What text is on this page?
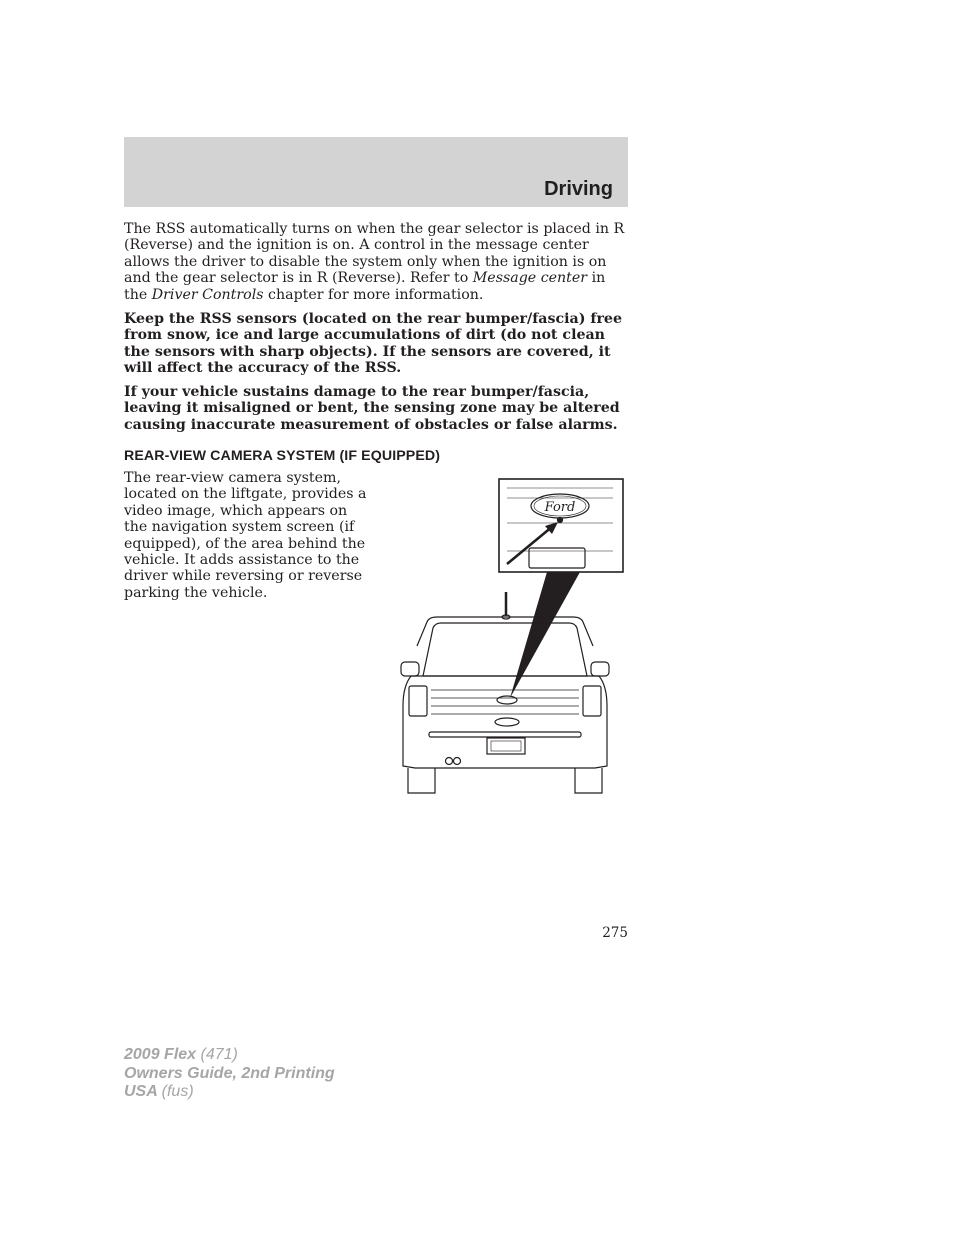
Driving

The RSS automatically turns on when the gear selector is placed in R (Reverse) and the ignition is on. A control in the message center allows the driver to disable the system only when the ignition is on and the gear selector is in R (Reverse). Refer to Message center in the Driver Controls chapter for more information.

Keep the RSS sensors (located on the rear bumper/fascia) free from snow, ice and large accumulations of dirt (do not clean the sensors with sharp objects). If the sensors are covered, it will affect the accuracy of the RSS.

If your vehicle sustains damage to the rear bumper/fascia, leaving it misaligned or bent, the sensing zone may be altered causing inaccurate measurement of obstacles or false alarms.

REAR-VIEW CAMERA SYSTEM (IF EQUIPPED)

The rear-view camera system, located on the liftgate, provides a video image, which appears on the navigation system screen (if equipped), of the area behind the vehicle. It adds assistance to the driver while reversing or reverse parking the vehicle.

Ford
275
2009 Flex (471)
Owners Guide, 2nd Printing
USA (fus)
